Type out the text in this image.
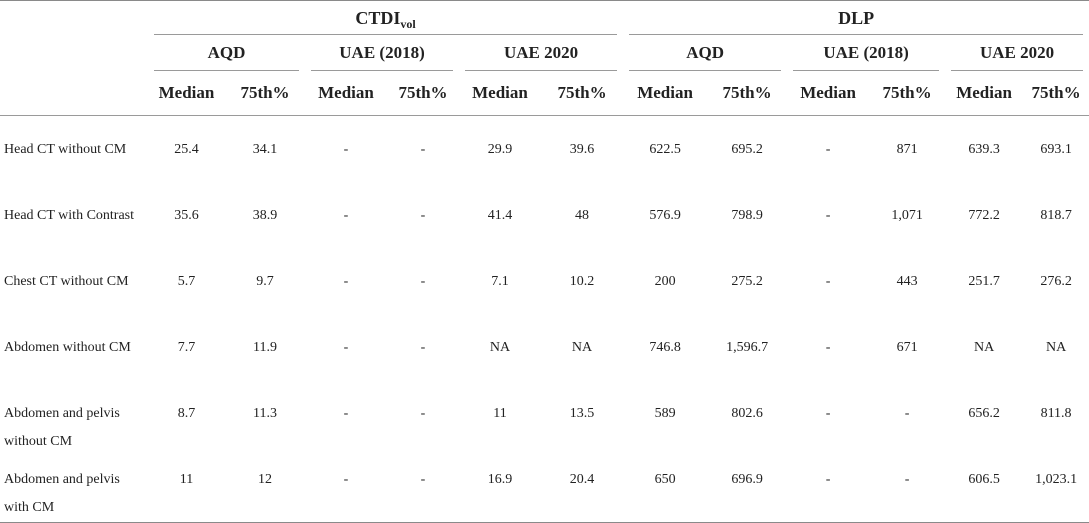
	$CTDI_{vol}$						DLP					
	AQD		UAE (2018)		UAE 2020		AQD		UAE (2018)		UAE 2020	
	Median	75th%	Median	75th%	Median	75th%	Median	75th%	Median	75th%	Median	75th%

Head CT without CM	25.4	34.1	-	-	29.9	39.6	622.5	695.2	-	871	639.3	693.1
Head CT with Contrast	35.6	38.9	-	-	41.4	48	576.9	798.9	-	1,071	772.2	818.7
Chest CT without CM	5.7	9.7	-	-	7.1	10.2	200	275.2	-	443	251.7	276.2
Abdomen without CM	7.7	11.9	-	-	NA	NA	746.8	1,596.7	-	671	NA	NA
Abdomen and pelvis without CM	8.7	11.3	-	-	11	13.5	589	802.6	-	-	656.2	811.8
Abdomen and pelvis with CM	11	12	-	-	16.9	20.4	650	696.9	-	-	606.5	1,023.1
